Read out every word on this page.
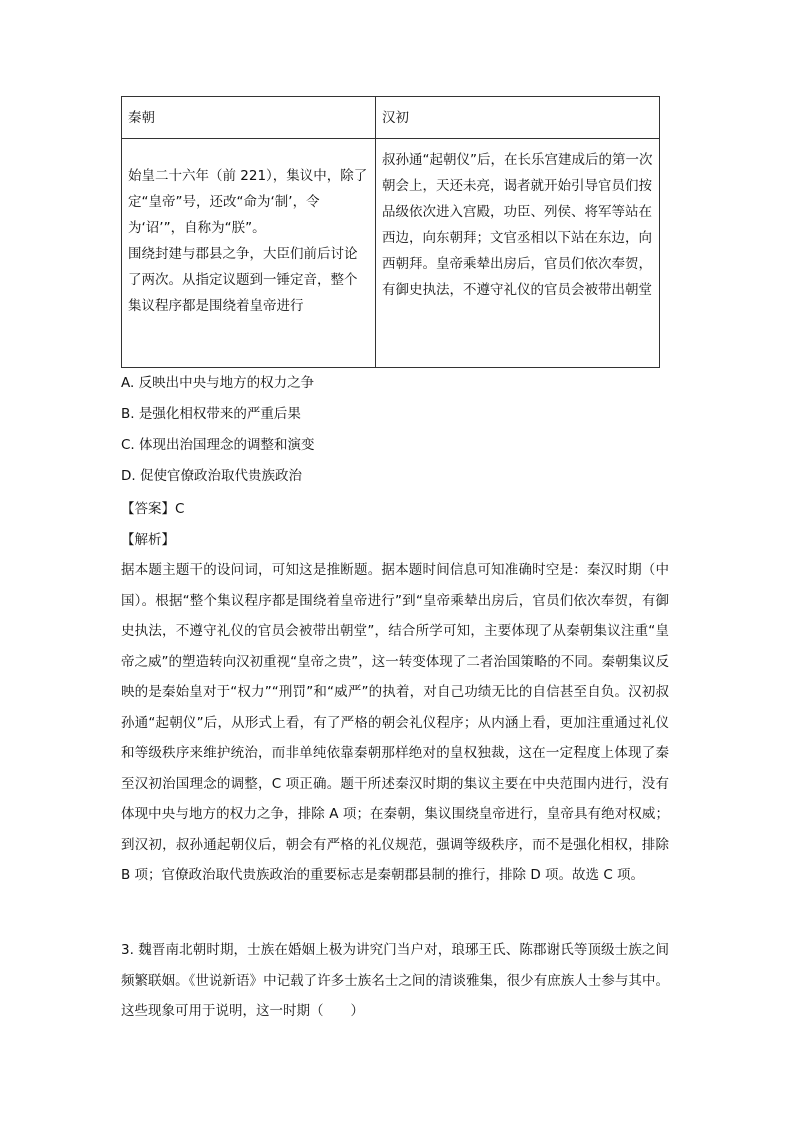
秦朝	汉初

始皇二十六年（前 221），集议中，除了定“皇帝”号，还改“命为‘制’，令为‘诏’”，自称为“朕”。
围绕封建与郡县之争，大臣们前后讨论了两次。从指定议题到一锤定音，整个集议程序都是围绕着皇帝进行	叔孙通“起朝仪”后，在长乐宫建成后的第一次朝会上，天还未亮，谒者就开始引导官员们按品级依次进入宫殿，功臣、列侯、将军等站在西边，向东朝拜；文官丞相以下站在东边，向西朝拜。皇帝乘辇出房后，官员们依次奉贺，有御史执法，不遵守礼仪的官员会被带出朝堂
A. 反映出中央与地方的权力之争
B. 是强化相权带来的严重后果
C. 体现出治国理念的调整和演变
D. 促使官僚政治取代贵族政治
【答案】C
【解析】
据本题主题干的设问词，可知这是推断题。据本题时间信息可知准确时空是：秦汉时期（中国）。根据“整个集议程序都是围绕着皇帝进行”到“皇帝乘辇出房后，官员们依次奉贺，有御史执法，不遵守礼仪的官员会被带出朝堂”，结合所学可知，主要体现了从秦朝集议注重“皇帝之威”的塑造转向汉初重视“皇帝之贵”，这一转变体现了二者治国策略的不同。秦朝集议反映的是秦始皇对于“权力”“刑罚”和“威严”的执着，对自己功绩无比的自信甚至自负。汉初叔孙通“起朝仪”后，从形式上看，有了严格的朝会礼仪程序；从内涵上看，更加注重通过礼仪和等级秩序来维护统治，而非单纯依靠秦朝那样绝对的皇权独裁，这在一定程度上体现了秦至汉初治国理念的调整，C 项正确。题干所述秦汉时期的集议主要在中央范围内进行，没有体现中央与地方的权力之争，排除 A 项；在秦朝，集议围绕皇帝进行，皇帝具有绝对权威；到汉初，叔孙通起朝仪后，朝会有严格的礼仪规范，强调等级秩序，而不是强化相权，排除 B 项；官僚政治取代贵族政治的重要标志是秦朝郡县制的推行，排除 D 项。故选 C 项。
3. 魏晋南北朝时期，士族在婚姻上极为讲究门当户对，琅琊王氏、陈郡谢氏等顶级士族之间频繁联姻。《世说新语》中记载了许多士族名士之间的清谈雅集，很少有庶族人士参与其中。这些现象可用于说明，这一时期（　　）
